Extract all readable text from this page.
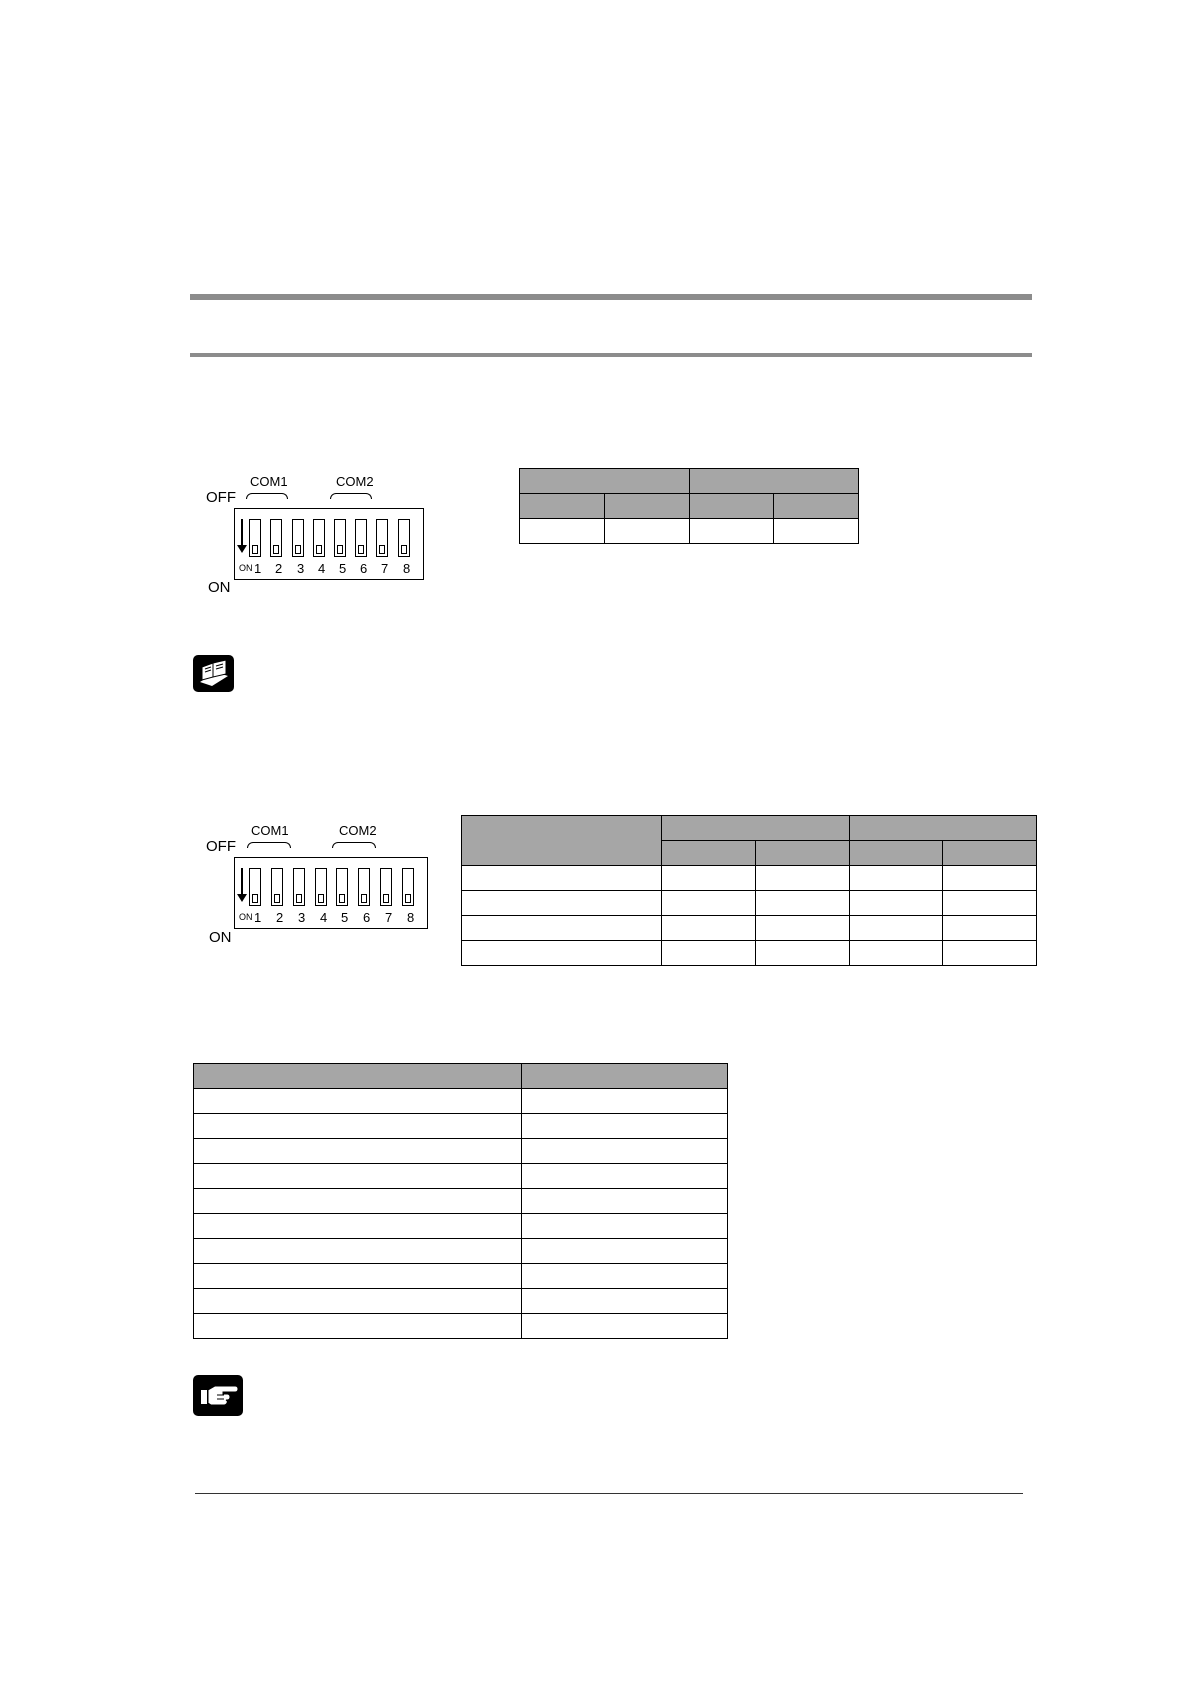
OFF
ON
COM1	COM2
ON 1 2 3 4 5 6 7 8

OFF
ON
COM1	COM2
ON 1 2 3 4 5 6 7 8
